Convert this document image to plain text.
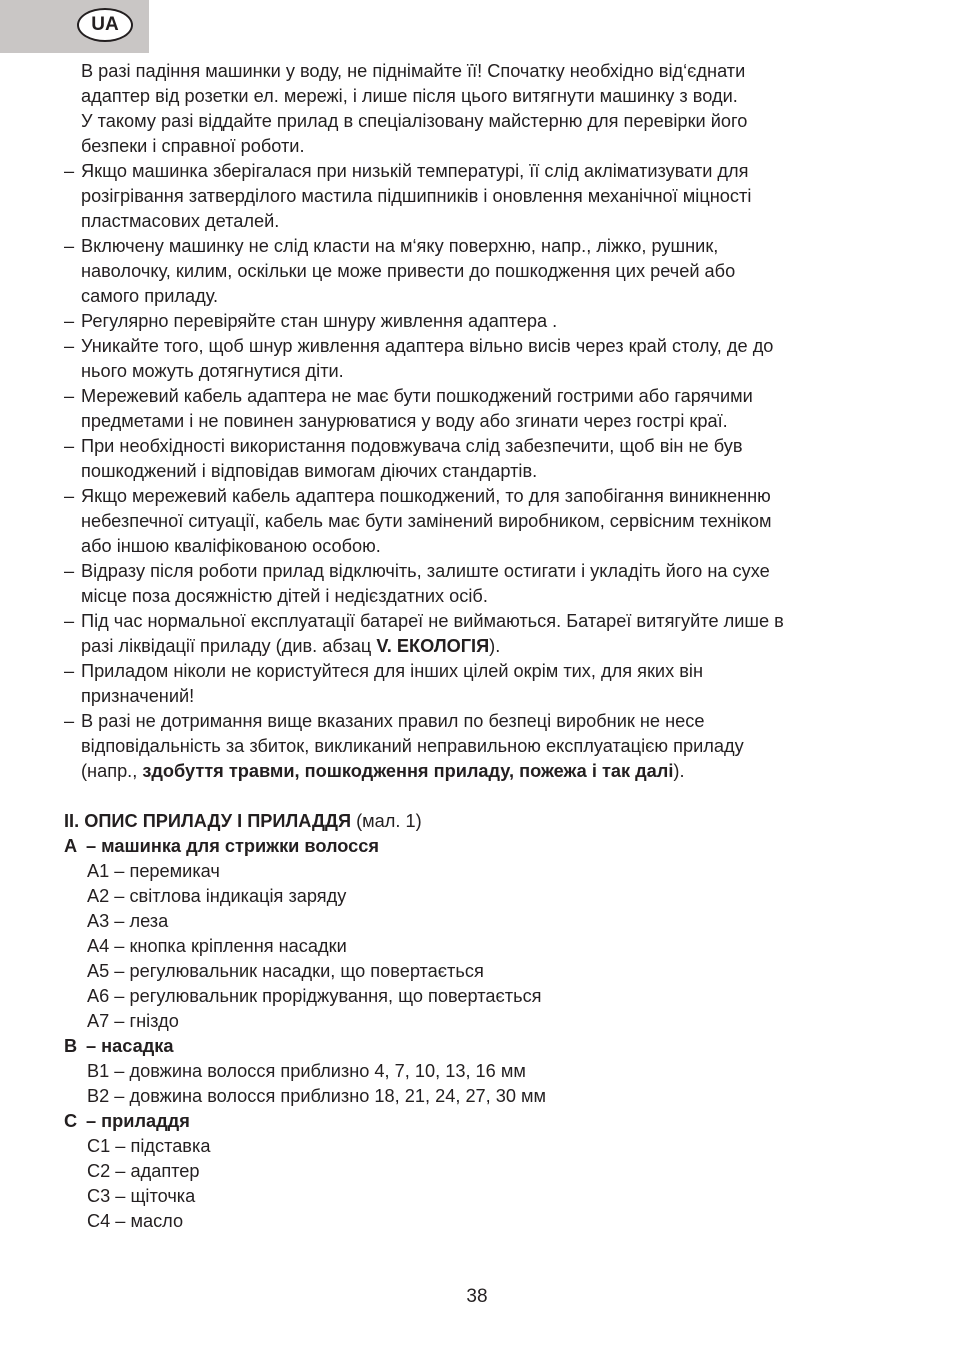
UA
В разі падіння машинки у воду, не піднімайте її! Спочатку необхідно від‘єднати
адаптер від розетки ел. мережі, і лише після цього витягнути машинку з води.
У такому разі віддайте прилад в спеціалізовану майстерню для перевірки його
безпеки і справної роботи.
– Якщо машинка зберігалася при низькій температурі, її слід акліматизувати для
розігрівання затверділого мастила підшипників і оновлення механічної міцності
пластмасових деталей.
– Включену машинку не слід класти на м‘яку поверхню, напр., ліжко, рушник,
наволочку, килим, оскільки це може привести до пошкодження цих речей або
самого приладу.
– Регулярно перевіряйте стан шнуру живлення адаптера .
– Уникайте того, щоб шнур живлення адаптера вільно висів через край столу, де до
нього можуть дотягнутися діти.
– Мережевий кабель адаптера не має бути пошкоджений гострими або гарячими
предметами і не повинен занурюватися у воду або згинати через гострі краї.
– При необхідності використання подовжувача слід забезпечити, щоб він не був
пошкоджений і відповідав вимогам діючих стандартів.
– Якщо мережевий кабель адаптера пошкоджений, то для запобігання виникненню
небезпечної ситуації, кабель має бути замінений виробником, сервісним техніком
або іншою кваліфікованою особою.
– Відразу після роботи прилад відключіть, залиште остигати і укладіть його на сухе
місце поза досяжністю дітей і недієздатних осіб.
– Під час нормальної експлуатації батареї не виймаються. Батареї витягуйте лише в
разі ліквідації приладу (див. абзац V. ЕКОЛОГІЯ).
– Приладом ніколи не користуйтеся для інших цілей окрім тих, для яких він
призначений!
– В разі не дотримання вище вказаних правил по безпеці виробник не несе
відповідальність за збиток, викликаний неправильною експлуатацією приладу
(напр., здобуття травми, пошкодження приладу, пожежа і так далі).
II. ОПИС ПРИЛАДУ І ПРИЛАДДЯ (мал. 1)
A – машинка для стрижки волосся
A1 – перемикач
A2 – світлова індикація заряду
A3 – леза
A4 – кнопка кріплення насадки
A5 – регулювальник насадки, що повертається
A6 – регулювальник проріджування, що повертається
A7 – гніздо
B – насадка
B1 – довжина волосся приблизно 4, 7, 10, 13, 16 мм
B2 – довжина волосся приблизно 18, 21, 24, 27, 30 мм
C – приладдя
C1 – підставка
C2 – адаптер
C3 – щіточка
C4 – масло
38
